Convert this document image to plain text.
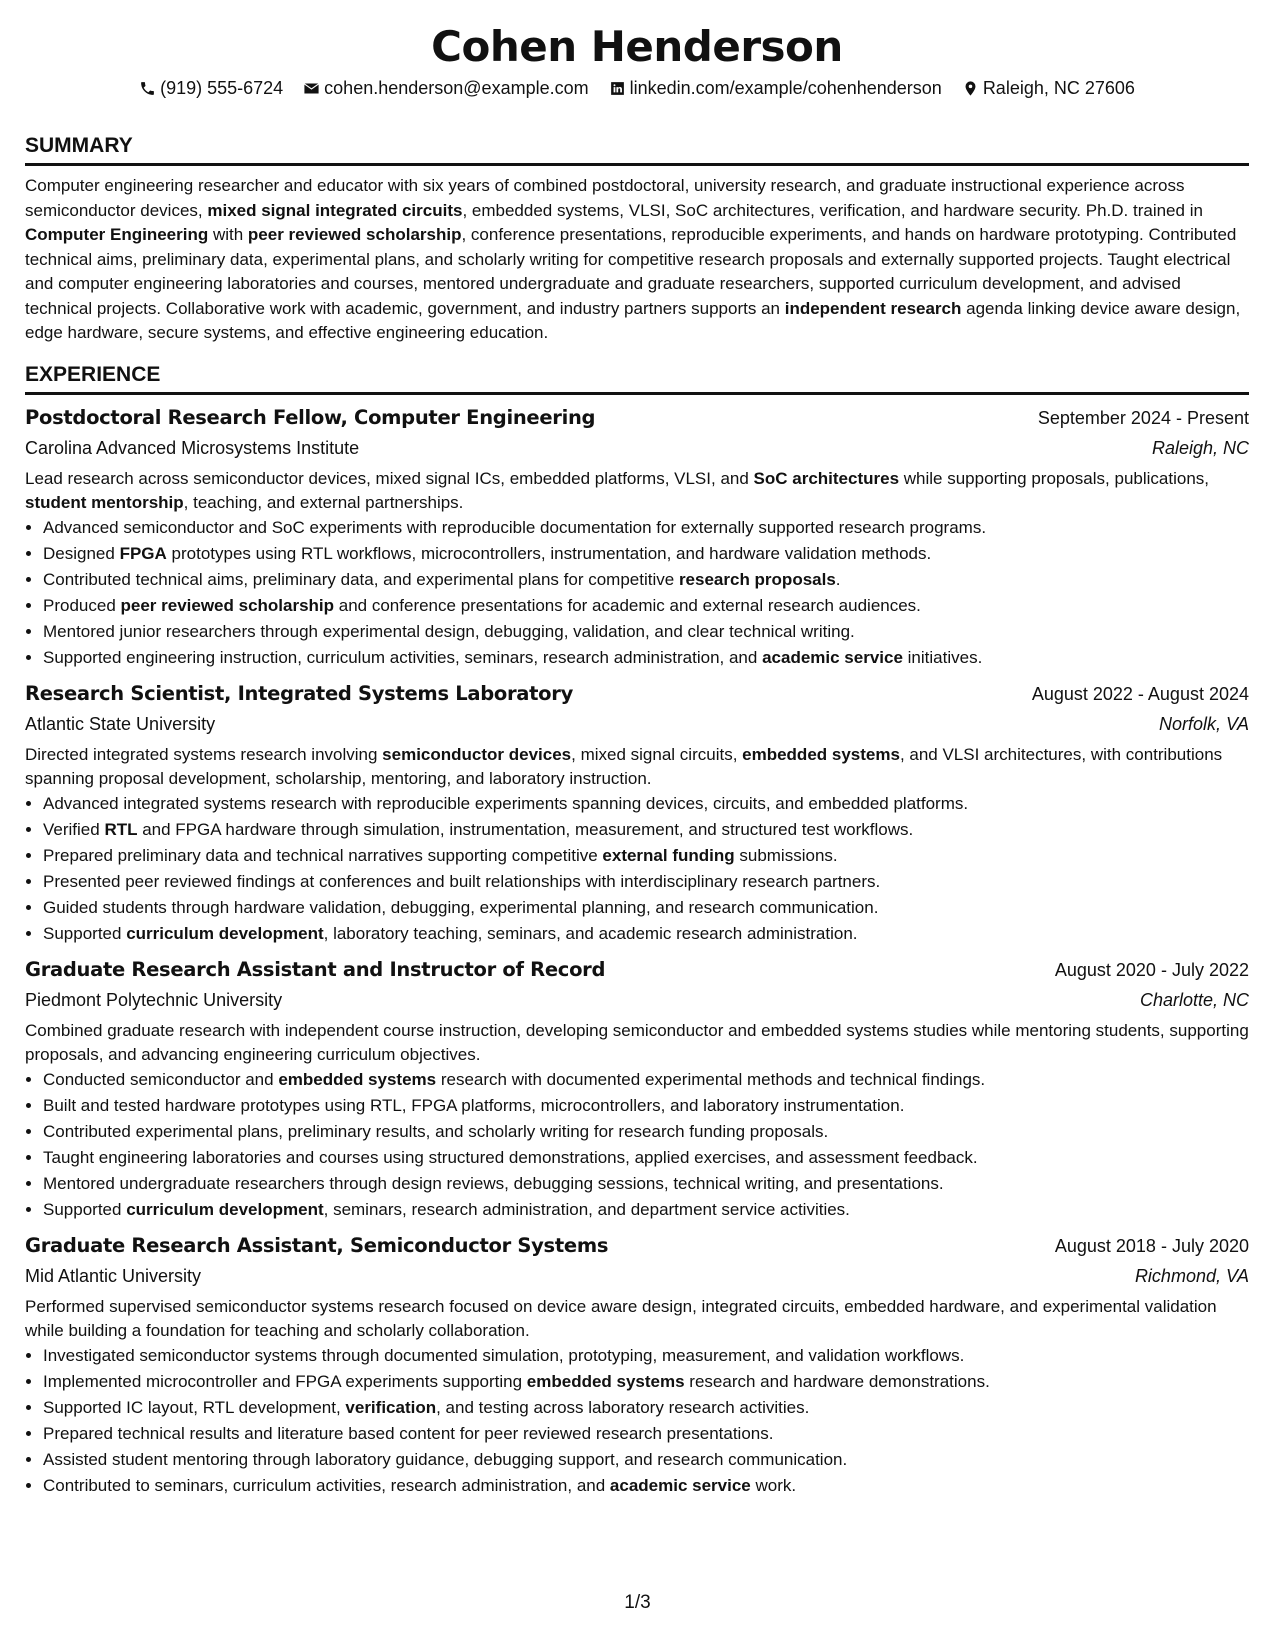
Cohen Henderson
(919) 555-6724 cohen.henderson@example.com linkedin.com/example/cohenhenderson Raleigh, NC 27606
SUMMARY

Computer engineering researcher and educator with six years of combined postdoctoral, university research, and graduate instructional experience across semiconductor devices, mixed signal integrated circuits, embedded systems, VLSI, SoC architectures, verification, and hardware security. Ph.D. trained in Computer Engineering with peer reviewed scholarship, conference presentations, reproducible experiments, and hands on hardware prototyping. Contributed technical aims, preliminary data, experimental plans, and scholarly writing for competitive research proposals and externally supported projects. Taught electrical and computer engineering laboratories and courses, mentored undergraduate and graduate researchers, supported curriculum development, and advised technical projects. Collaborative work with academic, government, and industry partners supports an independent research agenda linking device aware design, edge hardware, secure systems, and effective engineering education.

EXPERIENCE
Postdoctoral Research Fellow, Computer Engineering	September 2024 - Present
Carolina Advanced Microsystems Institute	Raleigh, NC

Lead research across semiconductor devices, mixed signal ICs, embedded platforms, VLSI, and SoC architectures while supporting proposals, publications, student mentorship, teaching, and external partnerships.

• Advanced semiconductor and SoC experiments with reproducible documentation for externally supported research programs.
• Designed FPGA prototypes using RTL workflows, microcontrollers, instrumentation, and hardware validation methods.
• Contributed technical aims, preliminary data, and experimental plans for competitive research proposals.
• Produced peer reviewed scholarship and conference presentations for academic and external research audiences.
• Mentored junior researchers through experimental design, debugging, validation, and clear technical writing.
• Supported engineering instruction, curriculum activities, seminars, research administration, and academic service initiatives.
Research Scientist, Integrated Systems Laboratory	August 2022 - August 2024
Atlantic State University	Norfolk, VA

Directed integrated systems research involving semiconductor devices, mixed signal circuits, embedded systems, and VLSI architectures, with contributions spanning proposal development, scholarship, mentoring, and laboratory instruction.

• Advanced integrated systems research with reproducible experiments spanning devices, circuits, and embedded platforms.
• Verified RTL and FPGA hardware through simulation, instrumentation, measurement, and structured test workflows.
• Prepared preliminary data and technical narratives supporting competitive external funding submissions.
• Presented peer reviewed findings at conferences and built relationships with interdisciplinary research partners.
• Guided students through hardware validation, debugging, experimental planning, and research communication.
• Supported curriculum development, laboratory teaching, seminars, and academic research administration.
Graduate Research Assistant and Instructor of Record	August 2020 - July 2022
Piedmont Polytechnic University	Charlotte, NC

Combined graduate research with independent course instruction, developing semiconductor and embedded systems studies while mentoring students, supporting proposals, and advancing engineering curriculum objectives.

• Conducted semiconductor and embedded systems research with documented experimental methods and technical findings.
• Built and tested hardware prototypes using RTL, FPGA platforms, microcontrollers, and laboratory instrumentation.
• Contributed experimental plans, preliminary results, and scholarly writing for research funding proposals.
• Taught engineering laboratories and courses using structured demonstrations, applied exercises, and assessment feedback.
• Mentored undergraduate researchers through design reviews, debugging sessions, technical writing, and presentations.
• Supported curriculum development, seminars, research administration, and department service activities.
Graduate Research Assistant, Semiconductor Systems	August 2018 - July 2020
Mid Atlantic University	Richmond, VA

Performed supervised semiconductor systems research focused on device aware design, integrated circuits, embedded hardware, and experimental validation while building a foundation for teaching and scholarly collaboration.

• Investigated semiconductor systems through documented simulation, prototyping, measurement, and validation workflows.
• Implemented microcontroller and FPGA experiments supporting embedded systems research and hardware demonstrations.
• Supported IC layout, RTL development, verification, and testing across laboratory research activities.
• Prepared technical results and literature based content for peer reviewed research presentations.
• Assisted student mentoring through laboratory guidance, debugging support, and research communication.
• Contributed to seminars, curriculum activities, research administration, and academic service work.
1/3
